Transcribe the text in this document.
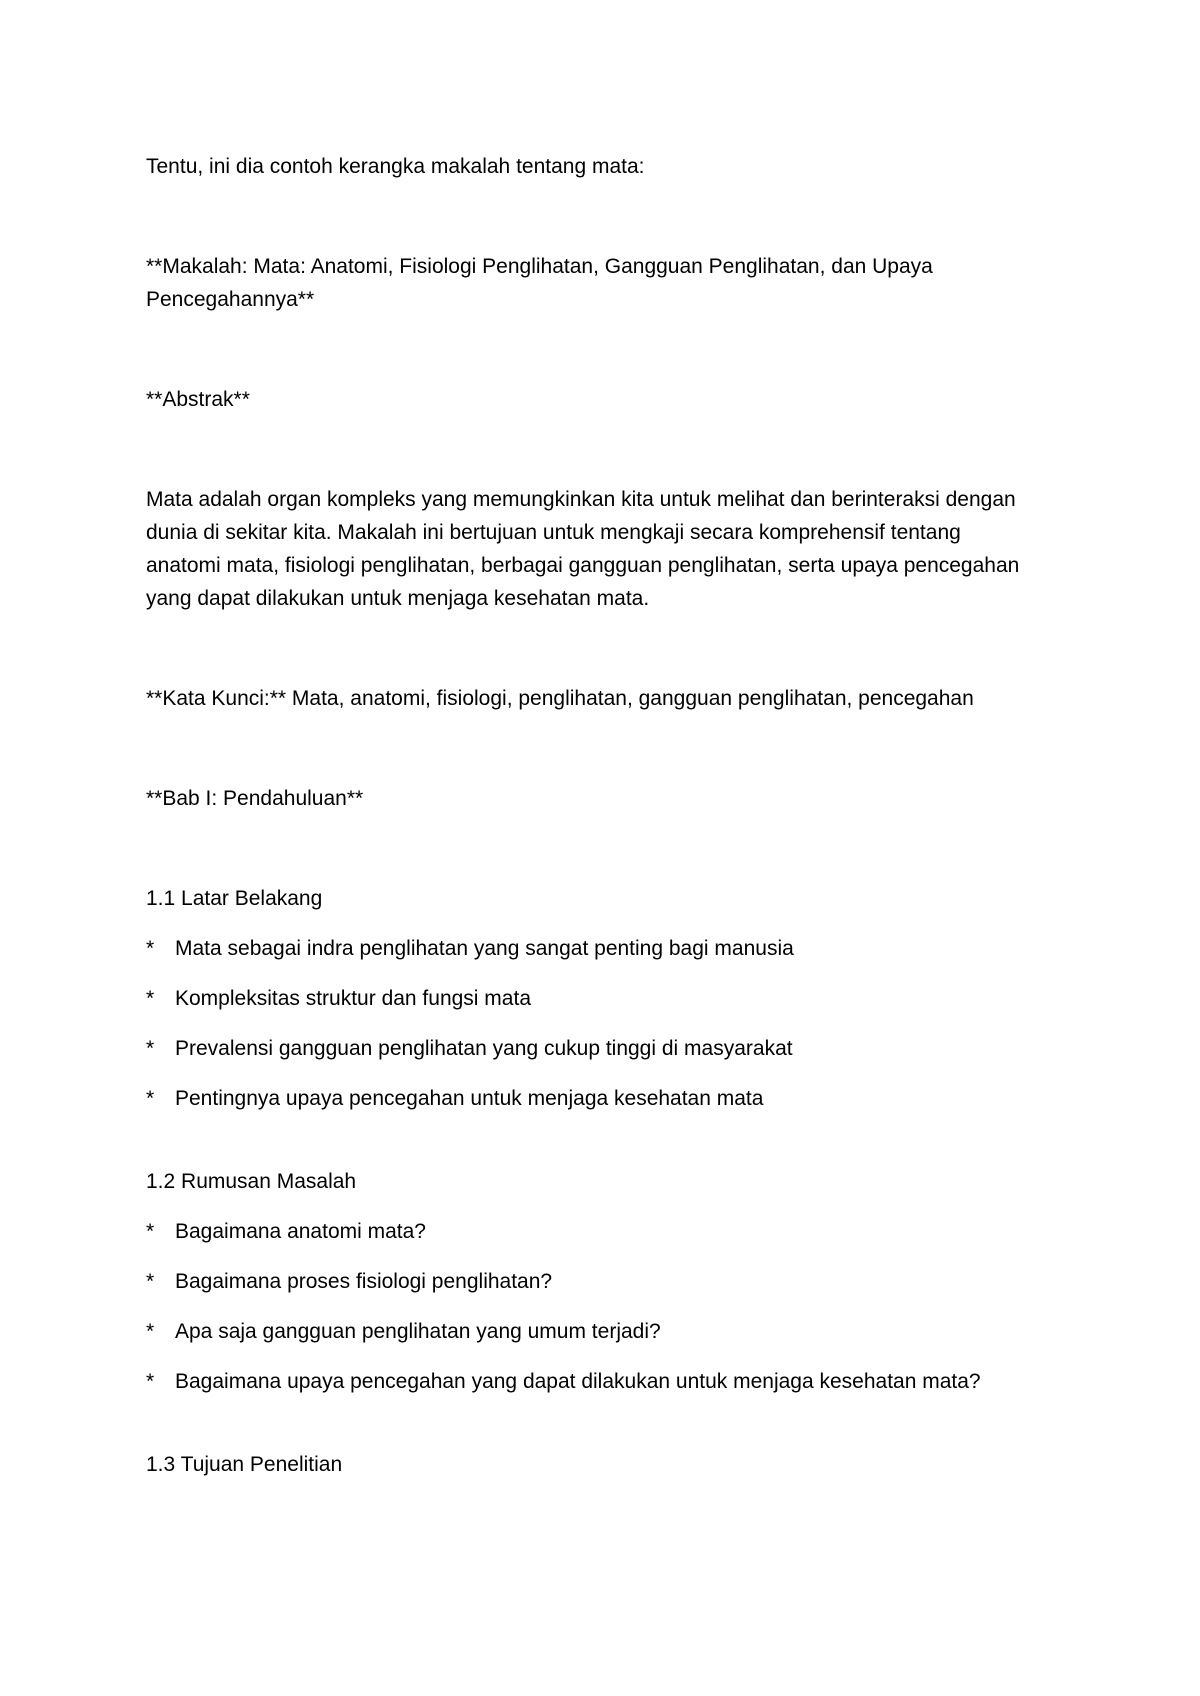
Tentu, ini dia contoh kerangka makalah tentang mata:

**Makalah: Mata: Anatomi, Fisiologi Penglihatan, Gangguan Penglihatan, dan Upaya Pencegahannya**

**Abstrak**

Mata adalah organ kompleks yang memungkinkan kita untuk melihat dan berinteraksi dengan dunia di sekitar kita. Makalah ini bertujuan untuk mengkaji secara komprehensif tentang anatomi mata, fisiologi penglihatan, berbagai gangguan penglihatan, serta upaya pencegahan yang dapat dilakukan untuk menjaga kesehatan mata.

**Kata Kunci:** Mata, anatomi, fisiologi, penglihatan, gangguan penglihatan, pencegahan

**Bab I: Pendahuluan**

1.1 Latar Belakang

* Mata sebagai indra penglihatan yang sangat penting bagi manusia
* Kompleksitas struktur dan fungsi mata
* Prevalensi gangguan penglihatan yang cukup tinggi di masyarakat
* Pentingnya upaya pencegahan untuk menjaga kesehatan mata

1.2 Rumusan Masalah

* Bagaimana anatomi mata?
* Bagaimana proses fisiologi penglihatan?
* Apa saja gangguan penglihatan yang umum terjadi?
* Bagaimana upaya pencegahan yang dapat dilakukan untuk menjaga kesehatan mata?

1.3 Tujuan Penelitian
